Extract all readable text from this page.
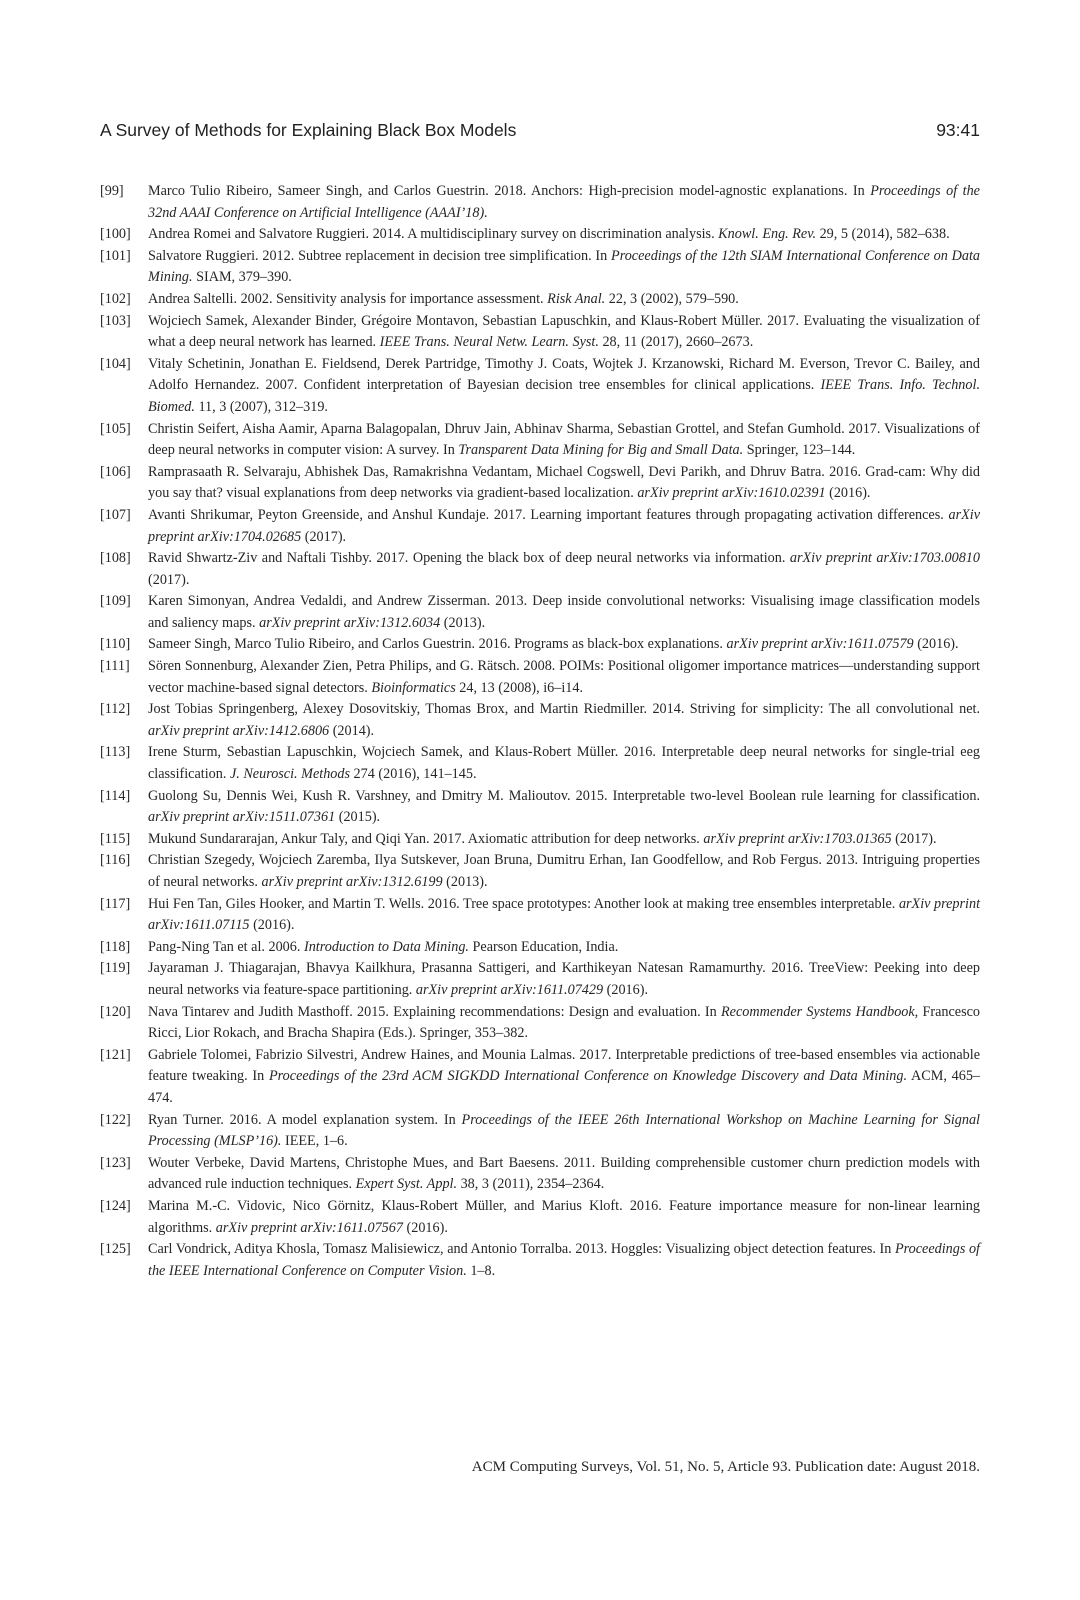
A Survey of Methods for Explaining Black Box Models	93:41
[99]	Marco Tulio Ribeiro, Sameer Singh, and Carlos Guestrin. 2018. Anchors: High-precision model-agnostic explanations. In Proceedings of the 32nd AAAI Conference on Artificial Intelligence (AAAI’18).
[100]	Andrea Romei and Salvatore Ruggieri. 2014. A multidisciplinary survey on discrimination analysis. Knowl. Eng. Rev. 29, 5 (2014), 582–638.
[101]	Salvatore Ruggieri. 2012. Subtree replacement in decision tree simplification. In Proceedings of the 12th SIAM International Conference on Data Mining. SIAM, 379–390.
[102]	Andrea Saltelli. 2002. Sensitivity analysis for importance assessment. Risk Anal. 22, 3 (2002), 579–590.
[103]	Wojciech Samek, Alexander Binder, Grégoire Montavon, Sebastian Lapuschkin, and Klaus-Robert Müller. 2017. Evaluating the visualization of what a deep neural network has learned. IEEE Trans. Neural Netw. Learn. Syst. 28, 11 (2017), 2660–2673.
[104]	Vitaly Schetinin, Jonathan E. Fieldsend, Derek Partridge, Timothy J. Coats, Wojtek J. Krzanowski, Richard M. Everson, Trevor C. Bailey, and Adolfo Hernandez. 2007. Confident interpretation of Bayesian decision tree ensembles for clinical applications. IEEE Trans. Info. Technol. Biomed. 11, 3 (2007), 312–319.
[105]	Christin Seifert, Aisha Aamir, Aparna Balagopalan, Dhruv Jain, Abhinav Sharma, Sebastian Grottel, and Stefan Gumhold. 2017. Visualizations of deep neural networks in computer vision: A survey. In Transparent Data Mining for Big and Small Data. Springer, 123–144.
[106]	Ramprasaath R. Selvaraju, Abhishek Das, Ramakrishna Vedantam, Michael Cogswell, Devi Parikh, and Dhruv Batra. 2016. Grad-cam: Why did you say that? visual explanations from deep networks via gradient-based localization. arXiv preprint arXiv:1610.02391 (2016).
[107]	Avanti Shrikumar, Peyton Greenside, and Anshul Kundaje. 2017. Learning important features through propagating activation differences. arXiv preprint arXiv:1704.02685 (2017).
[108]	Ravid Shwartz-Ziv and Naftali Tishby. 2017. Opening the black box of deep neural networks via information. arXiv preprint arXiv:1703.00810 (2017).
[109]	Karen Simonyan, Andrea Vedaldi, and Andrew Zisserman. 2013. Deep inside convolutional networks: Visualising image classification models and saliency maps. arXiv preprint arXiv:1312.6034 (2013).
[110]	Sameer Singh, Marco Tulio Ribeiro, and Carlos Guestrin. 2016. Programs as black-box explanations. arXiv preprint arXiv:1611.07579 (2016).
[111]	Sören Sonnenburg, Alexander Zien, Petra Philips, and G. Rätsch. 2008. POIMs: Positional oligomer importance matrices—understanding support vector machine-based signal detectors. Bioinformatics 24, 13 (2008), i6–i14.
[112]	Jost Tobias Springenberg, Alexey Dosovitskiy, Thomas Brox, and Martin Riedmiller. 2014. Striving for simplicity: The all convolutional net. arXiv preprint arXiv:1412.6806 (2014).
[113]	Irene Sturm, Sebastian Lapuschkin, Wojciech Samek, and Klaus-Robert Müller. 2016. Interpretable deep neural networks for single-trial eeg classification. J. Neurosci. Methods 274 (2016), 141–145.
[114]	Guolong Su, Dennis Wei, Kush R. Varshney, and Dmitry M. Malioutov. 2015. Interpretable two-level Boolean rule learning for classification. arXiv preprint arXiv:1511.07361 (2015).
[115]	Mukund Sundararajan, Ankur Taly, and Qiqi Yan. 2017. Axiomatic attribution for deep networks. arXiv preprint arXiv:1703.01365 (2017).
[116]	Christian Szegedy, Wojciech Zaremba, Ilya Sutskever, Joan Bruna, Dumitru Erhan, Ian Goodfellow, and Rob Fergus. 2013. Intriguing properties of neural networks. arXiv preprint arXiv:1312.6199 (2013).
[117]	Hui Fen Tan, Giles Hooker, and Martin T. Wells. 2016. Tree space prototypes: Another look at making tree ensembles interpretable. arXiv preprint arXiv:1611.07115 (2016).
[118]	Pang-Ning Tan et al. 2006. Introduction to Data Mining. Pearson Education, India.
[119]	Jayaraman J. Thiagarajan, Bhavya Kailkhura, Prasanna Sattigeri, and Karthikeyan Natesan Ramamurthy. 2016. TreeView: Peeking into deep neural networks via feature-space partitioning. arXiv preprint arXiv:1611.07429 (2016).
[120]	Nava Tintarev and Judith Masthoff. 2015. Explaining recommendations: Design and evaluation. In Recommender Systems Handbook, Francesco Ricci, Lior Rokach, and Bracha Shapira (Eds.). Springer, 353–382.
[121]	Gabriele Tolomei, Fabrizio Silvestri, Andrew Haines, and Mounia Lalmas. 2017. Interpretable predictions of tree-based ensembles via actionable feature tweaking. In Proceedings of the 23rd ACM SIGKDD International Conference on Knowledge Discovery and Data Mining. ACM, 465–474.
[122]	Ryan Turner. 2016. A model explanation system. In Proceedings of the IEEE 26th International Workshop on Machine Learning for Signal Processing (MLSP’16). IEEE, 1–6.
[123]	Wouter Verbeke, David Martens, Christophe Mues, and Bart Baesens. 2011. Building comprehensible customer churn prediction models with advanced rule induction techniques. Expert Syst. Appl. 38, 3 (2011), 2354–2364.
[124]	Marina M.-C. Vidovic, Nico Görnitz, Klaus-Robert Müller, and Marius Kloft. 2016. Feature importance measure for non-linear learning algorithms. arXiv preprint arXiv:1611.07567 (2016).
[125]	Carl Vondrick, Aditya Khosla, Tomasz Malisiewicz, and Antonio Torralba. 2013. Hoggles: Visualizing object detection features. In Proceedings of the IEEE International Conference on Computer Vision. 1–8.
ACM Computing Surveys, Vol. 51, No. 5, Article 93. Publication date: August 2018.
